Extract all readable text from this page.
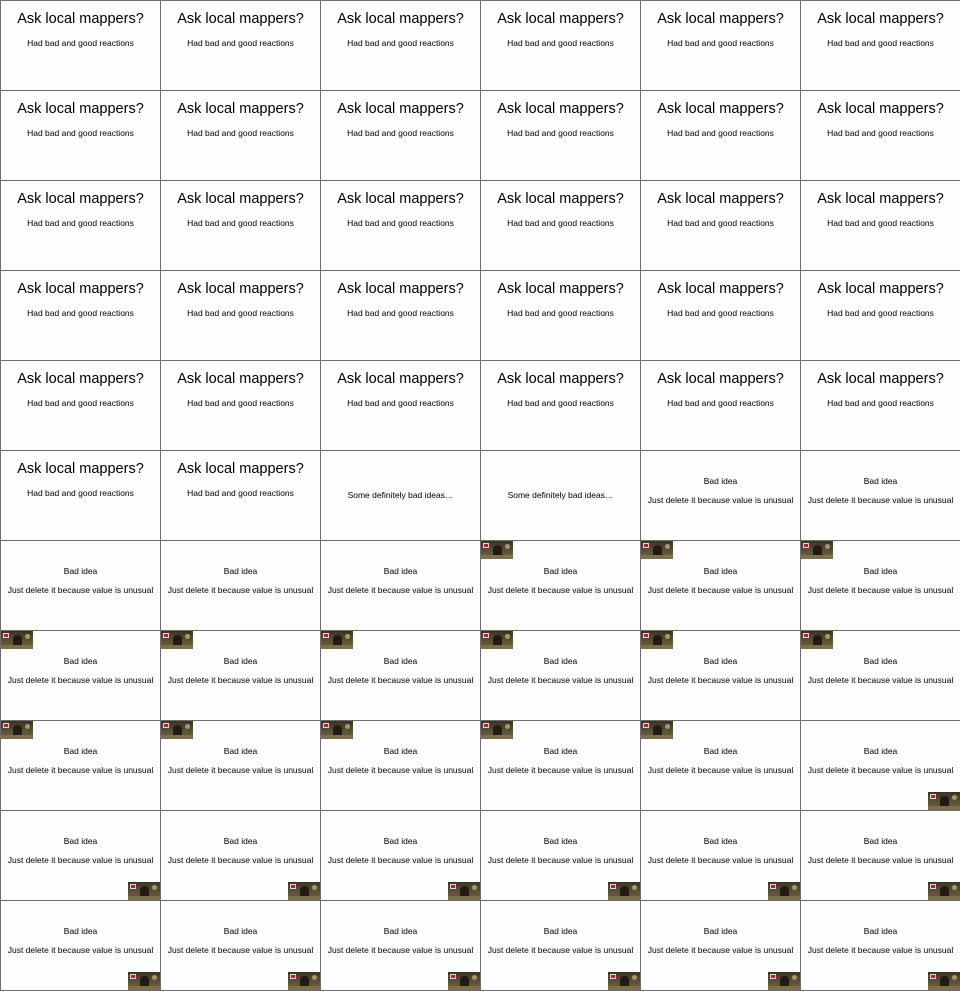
Ask local mappers?
Had bad and good reactions
Ask local mappers?
Had bad and good reactions
Ask local mappers?
Had bad and good reactions
Ask local mappers?
Had bad and good reactions
Ask local mappers?
Had bad and good reactions
Ask local mappers?
Had bad and good reactions
Ask local mappers?
Had bad and good reactions
Ask local mappers?
Had bad and good reactions
Ask local mappers?
Had bad and good reactions
Ask local mappers?
Had bad and good reactions
Ask local mappers?
Had bad and good reactions
Ask local mappers?
Had bad and good reactions
Ask local mappers?
Had bad and good reactions
Ask local mappers?
Had bad and good reactions
Ask local mappers?
Had bad and good reactions
Ask local mappers?
Had bad and good reactions
Ask local mappers?
Had bad and good reactions
Ask local mappers?
Had bad and good reactions
Ask local mappers?
Had bad and good reactions
Ask local mappers?
Had bad and good reactions
Ask local mappers?
Had bad and good reactions
Ask local mappers?
Had bad and good reactions
Ask local mappers?
Had bad and good reactions
Ask local mappers?
Had bad and good reactions
Ask local mappers?
Had bad and good reactions
Ask local mappers?
Had bad and good reactions
Ask local mappers?
Had bad and good reactions
Ask local mappers?
Had bad and good reactions
Ask local mappers?
Had bad and good reactions
Ask local mappers?
Had bad and good reactions
Ask local mappers?
Had bad and good reactions
Ask local mappers?
Had bad and good reactions	Some definitely bad ideas…	Some definitely bad ideas…
Bad idea
Just delete it because value is unusual
Bad idea
Just delete it because value is unusual
Bad idea
Just delete it because value is unusual
Bad idea
Just delete it because value is unusual
Bad idea
Just delete it because value is unusual
Bad idea
Just delete it because value is unusual
Bad idea
Just delete it because value is unusual
Bad idea
Just delete it because value is unusual
Bad idea
Just delete it because value is unusual
Bad idea
Just delete it because value is unusual
Bad idea
Just delete it because value is unusual
Bad idea
Just delete it because value is unusual
Bad idea
Just delete it because value is unusual
Bad idea
Just delete it because value is unusual
Bad idea
Just delete it because value is unusual
Bad idea
Just delete it because value is unusual
Bad idea
Just delete it because value is unusual
Bad idea
Just delete it because value is unusual
Bad idea
Just delete it because value is unusual
Bad idea
Just delete it because value is unusual
Bad idea
Just delete it because value is unusual
Bad idea
Just delete it because value is unusual
Bad idea
Just delete it because value is unusual
Bad idea
Just delete it because value is unusual
Bad idea
Just delete it because value is unusual
Bad idea
Just delete it because value is unusual
Bad idea
Just delete it because value is unusual
Bad idea
Just delete it because value is unusual
Bad idea
Just delete it because value is unusual
Bad idea
Just delete it because value is unusual
Bad idea
Just delete it because value is unusual
Bad idea
Just delete it because value is unusual
